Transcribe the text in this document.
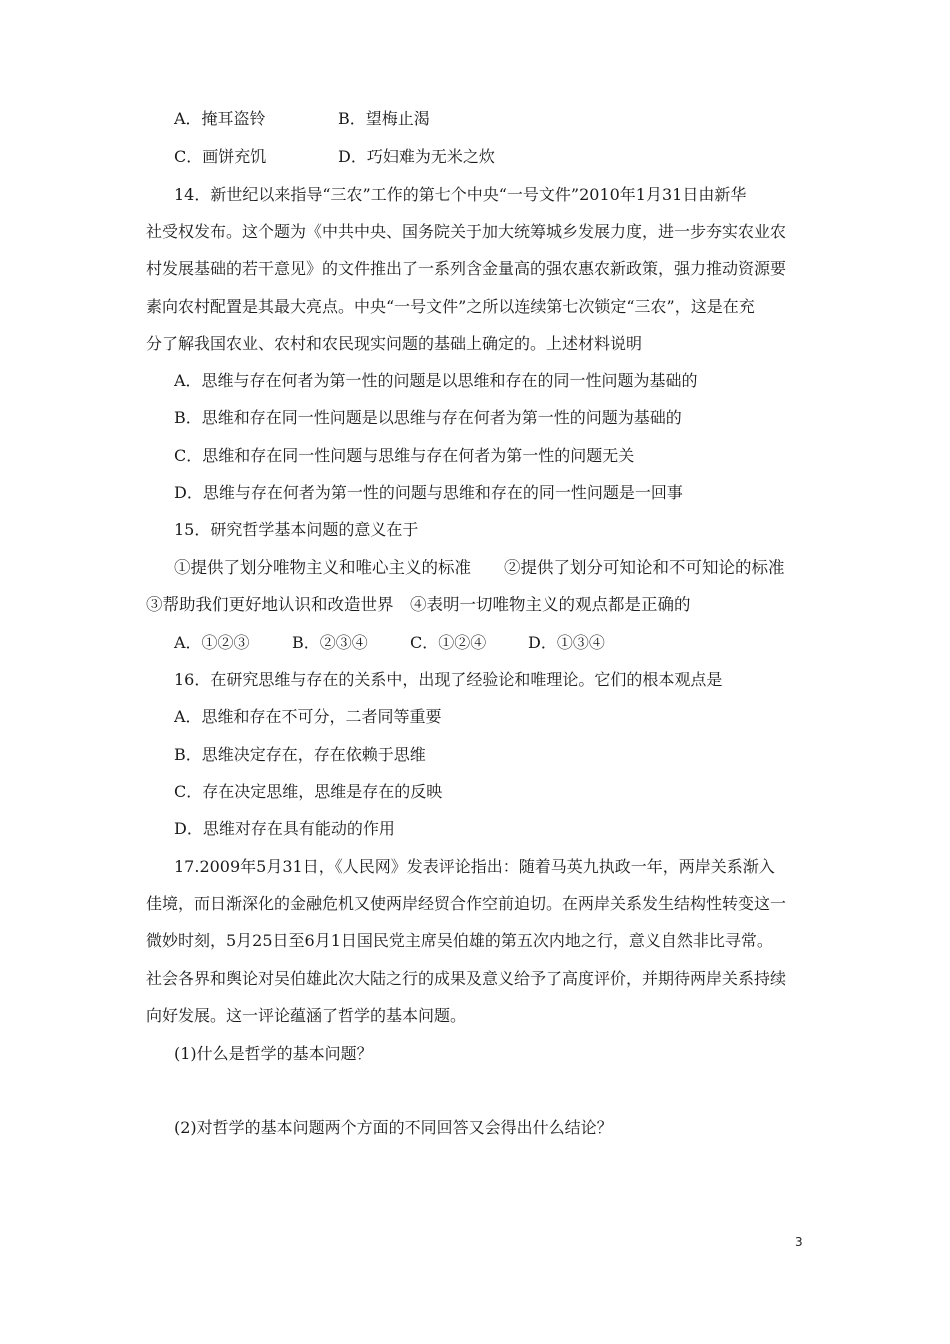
A．掩耳盗铃	B．望梅止渴
C．画饼充饥	D．巧妇难为无米之炊
14．新世纪以来指导“三农”工作的第七个中央“一号文件”2010年1月31日由新华
社受权发布。这个题为《中共中央、国务院关于加大统筹城乡发展力度，进一步夯实农业农
村发展基础的若干意见》的文件推出了一系列含金量高的强农惠农新政策，强力推动资源要
素向农村配置是其最大亮点。中央“一号文件”之所以连续第七次锁定“三农”，这是在充
分了解我国农业、农村和农民现实问题的基础上确定的。上述材料说明
A．思维与存在何者为第一性的问题是以思维和存在的同一性问题为基础的
B．思维和存在同一性问题是以思维与存在何者为第一性的问题为基础的
C．思维和存在同一性问题与思维与存在何者为第一性的问题无关
D．思维与存在何者为第一性的问题与思维和存在的同一性问题是一回事
15．研究哲学基本问题的意义在于
①提供了划分唯物主义和唯心主义的标准　　②提供了划分可知论和不可知论的标准
③帮助我们更好地认识和改造世界　④表明一切唯物主义的观点都是正确的
A．①②③	B．②③④	C．①②④	D．①③④
16．在研究思维与存在的关系中，出现了经验论和唯理论。它们的根本观点是
A．思维和存在不可分，二者同等重要
B．思维决定存在，存在依赖于思维
C．存在决定思维，思维是存在的反映
D．思维对存在具有能动的作用
17.2009年5月31日，《人民网》发表评论指出：随着马英九执政一年，两岸关系渐入
佳境，而日渐深化的金融危机又使两岸经贸合作空前迫切。在两岸关系发生结构性转变这一
微妙时刻，5月25日至6月1日国民党主席吴伯雄的第五次内地之行，意义自然非比寻常。
社会各界和舆论对吴伯雄此次大陆之行的成果及意义给予了高度评价，并期待两岸关系持续
向好发展。这一评论蕴涵了哲学的基本问题。
(1)什么是哲学的基本问题？
(2)对哲学的基本问题两个方面的不同回答又会得出什么结论？
3
